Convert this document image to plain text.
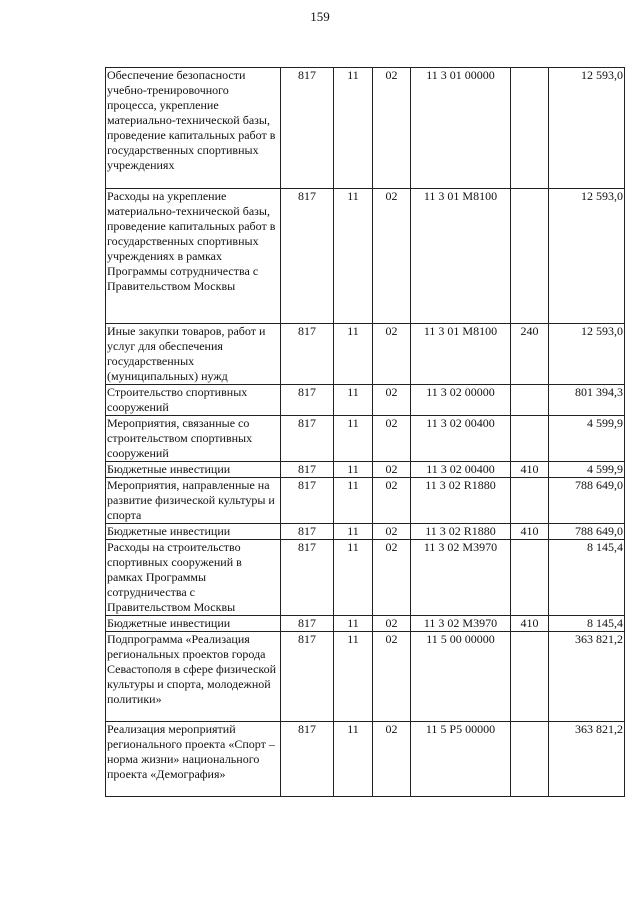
159
Обеспечение безопасности учебно-тренировочного процесса, укрепление материально-технической базы, проведение капитальных работ в государственных спортивных учреждениях	817	11	02	11 3 01 00000		12 593,0
Расходы на укрепление материально-технической базы, проведение капитальных работ в государственных спортивных учреждениях в рамках Программы сотрудничества с Правительством Москвы	817	11	02	11 3 01 M8100		12 593,0
Иные закупки товаров, работ и услуг для обеспечения государственных (муниципальных) нужд	817	11	02	11 3 01 M8100	240	12 593,0
Строительство спортивных сооружений	817	11	02	11 3 02 00000		801 394,3
Мероприятия, связанные со строительством спортивных сооружений	817	11	02	11 3 02 00400		4 599,9
Бюджетные инвестиции	817	11	02	11 3 02 00400	410	4 599,9
Мероприятия, направленные на развитие физической культуры и спорта	817	11	02	11 3 02 R1880		788 649,0
Бюджетные инвестиции	817	11	02	11 3 02 R1880	410	788 649,0
Расходы на строительство спортивных сооружений в рамках Программы сотрудничества с Правительством Москвы	817	11	02	11 3 02 M3970		8 145,4
Бюджетные инвестиции	817	11	02	11 3 02 M3970	410	8 145,4
Подпрограмма «Реализация региональных проектов города Севастополя в сфере физической культуры и спорта, молодежной политики»	817	11	02	11 5 00 00000		363 821,2
Реализация мероприятий регионального проекта «Спорт – норма жизни» национального проекта «Демография»	817	11	02	11 5 P5 00000		363 821,2
